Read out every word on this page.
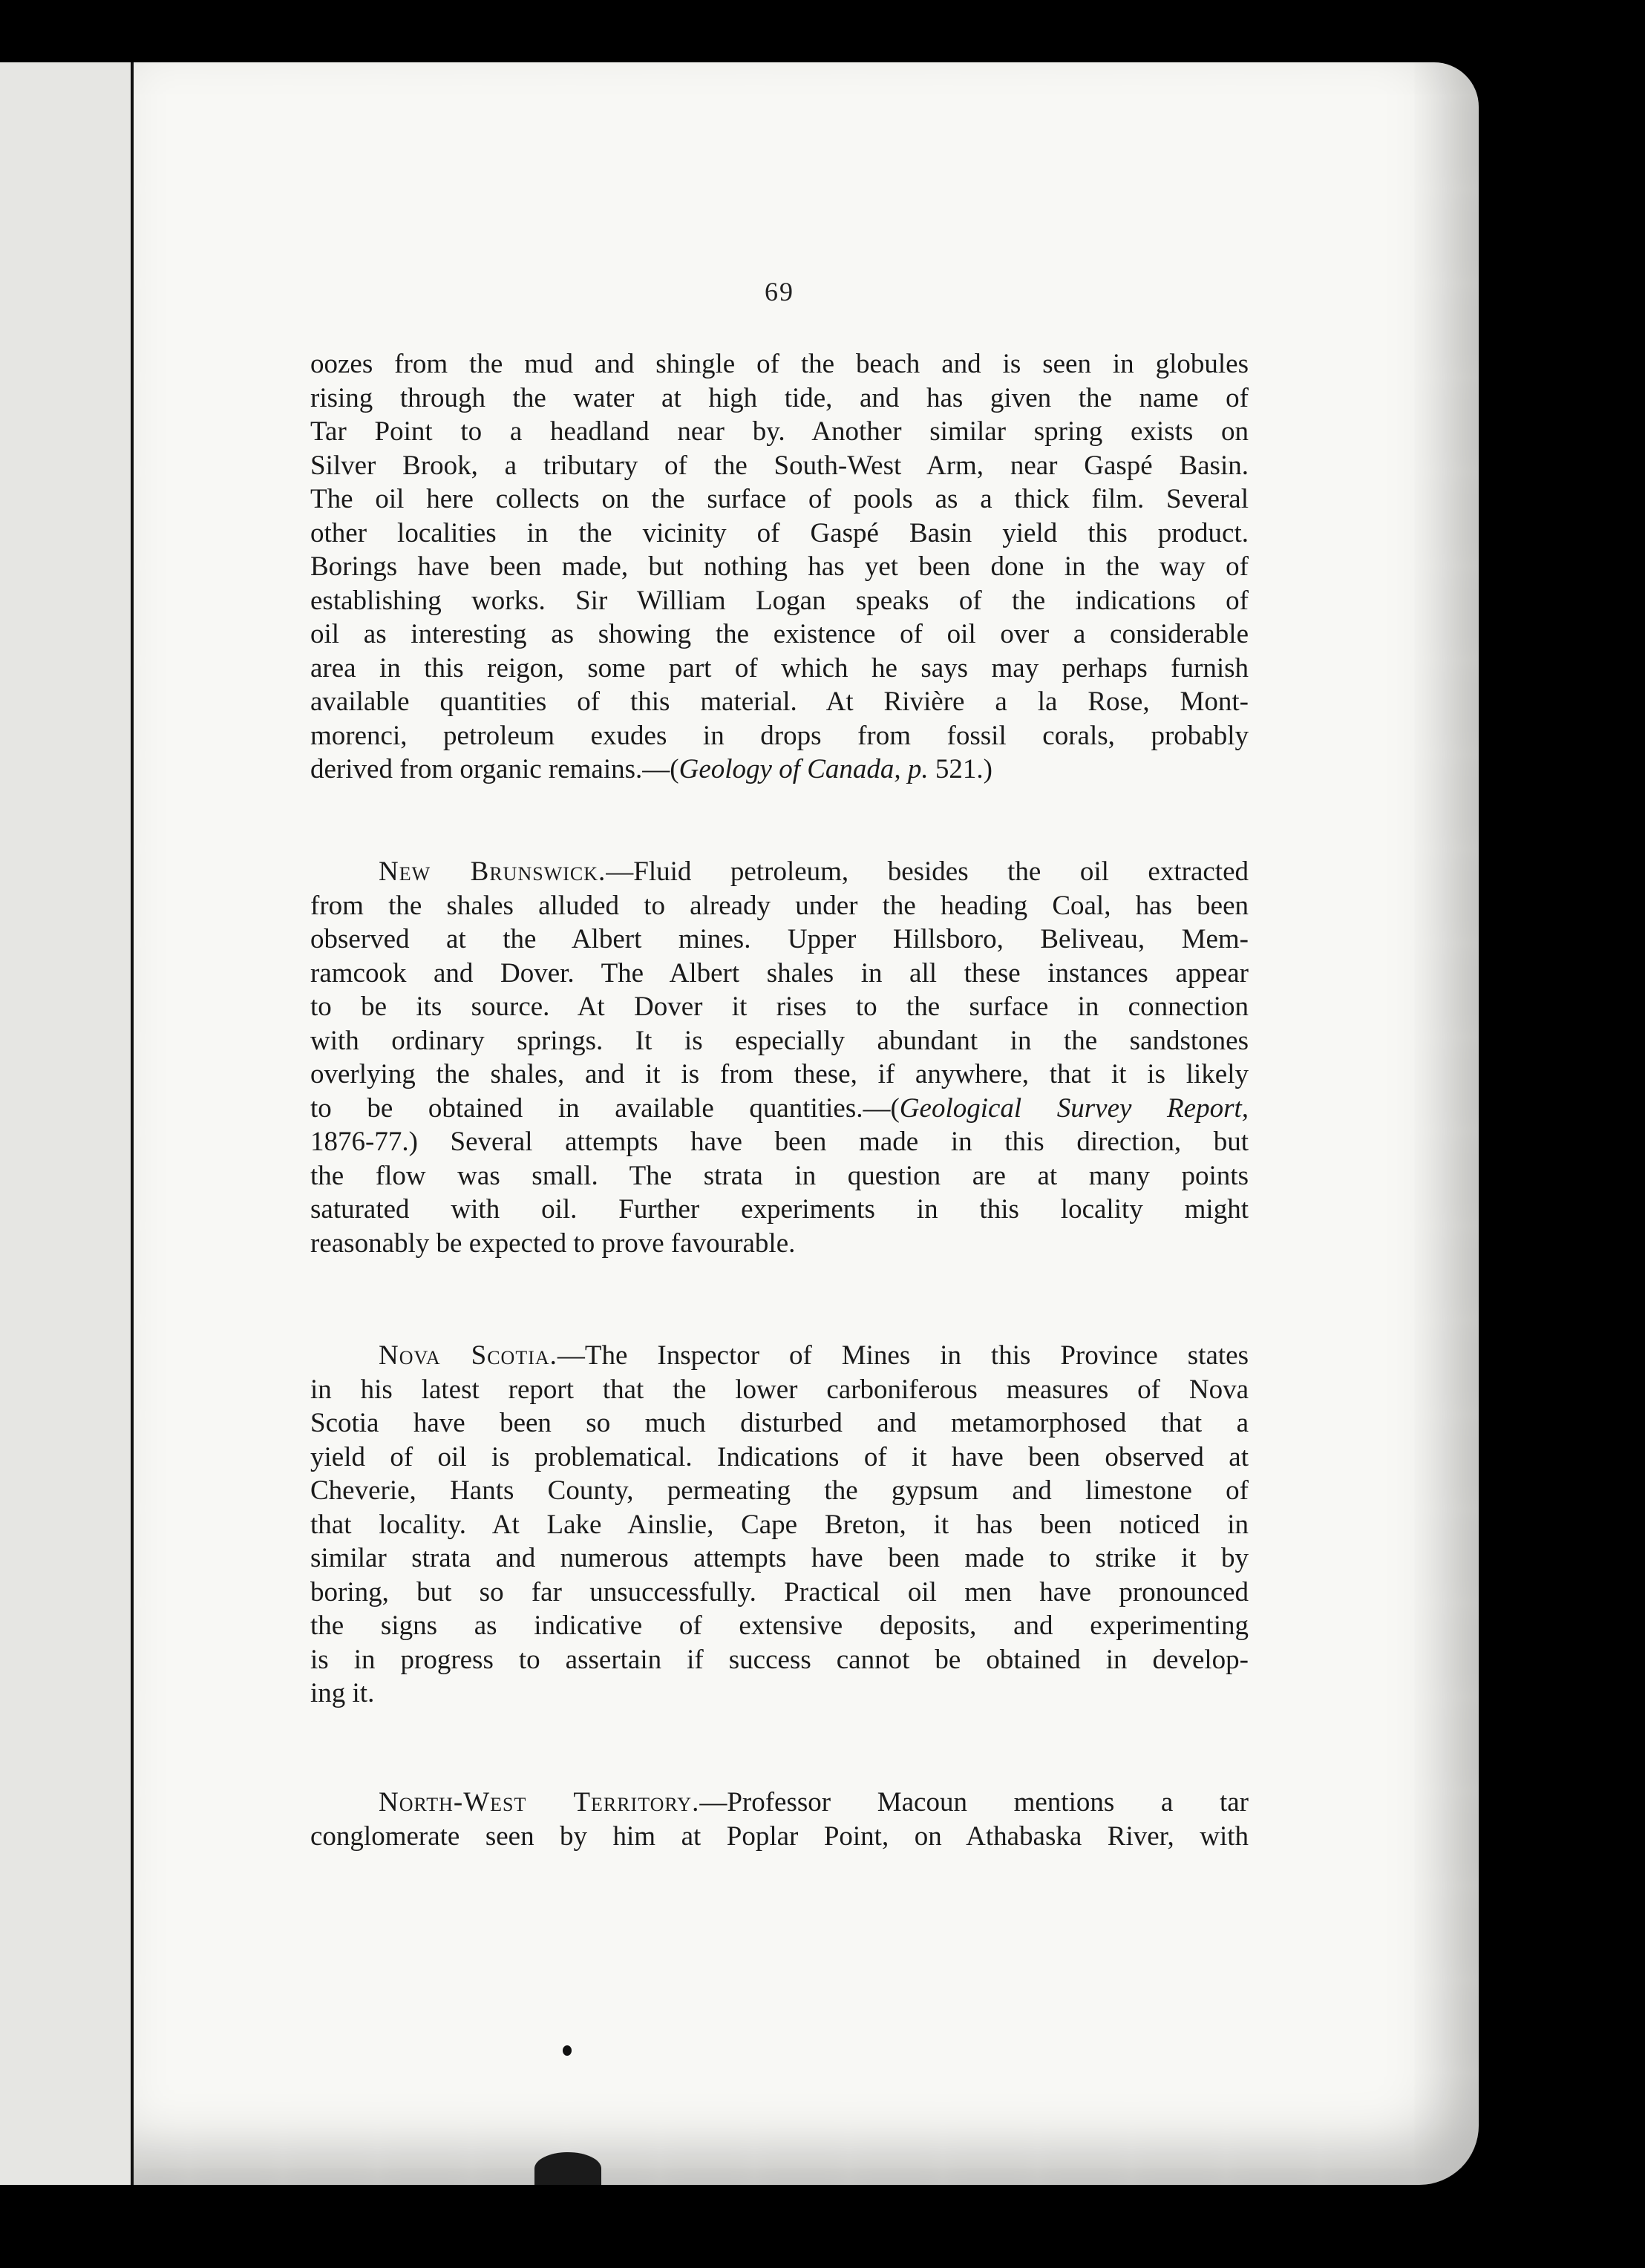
69
oozes from the mud and shingle of the beach and is seen in globules
rising through the water at high tide, and has given the name of
Tar Point to a headland near by. Another similar spring exists on
Silver Brook, a tributary of the South-West Arm, near Gaspé Basin.
The oil here collects on the surface of pools as a thick film. Several
other localities in the vicinity of Gaspé Basin yield this product.
Borings have been made, but nothing has yet been done in the way of
establishing works. Sir William Logan speaks of the indications of
oil as interesting as showing the existence of oil over a considerable
area in this reigon, some part of which he says may perhaps furnish
available quantities of this material. At Rivière a la Rose, Mont-
morenci, petroleum exudes in drops from fossil corals, probably
derived from organic remains.—(Geology of Canada, p. 521.)
New Brunswick.—Fluid petroleum, besides the oil extracted
from the shales alluded to already under the heading Coal, has been
observed at the Albert mines. Upper Hillsboro, Beliveau, Mem-
ramcook and Dover. The Albert shales in all these instances appear
to be its source. At Dover it rises to the surface in connection
with ordinary springs. It is especially abundant in the sandstones
overlying the shales, and it is from these, if anywhere, that it is likely
to be obtained in available quantities.—(Geological Survey Report,
1876-77.) Several attempts have been made in this direction, but
the flow was small. The strata in question are at many points
saturated with oil. Further experiments in this locality might
reasonably be expected to prove favourable.
Nova Scotia.—The Inspector of Mines in this Province states
in his latest report that the lower carboniferous measures of Nova
Scotia have been so much disturbed and metamorphosed that a
yield of oil is problematical. Indications of it have been observed at
Cheverie, Hants County, permeating the gypsum and limestone of
that locality. At Lake Ainslie, Cape Breton, it has been noticed in
similar strata and numerous attempts have been made to strike it by
boring, but so far unsuccessfully. Practical oil men have pronounced
the signs as indicative of extensive deposits, and experimenting
is in progress to assertain if success cannot be obtained in develop-
ing it.
North-West Territory.—Professor Macoun mentions a tar
conglomerate seen by him at Poplar Point, on Athabaska River, with
